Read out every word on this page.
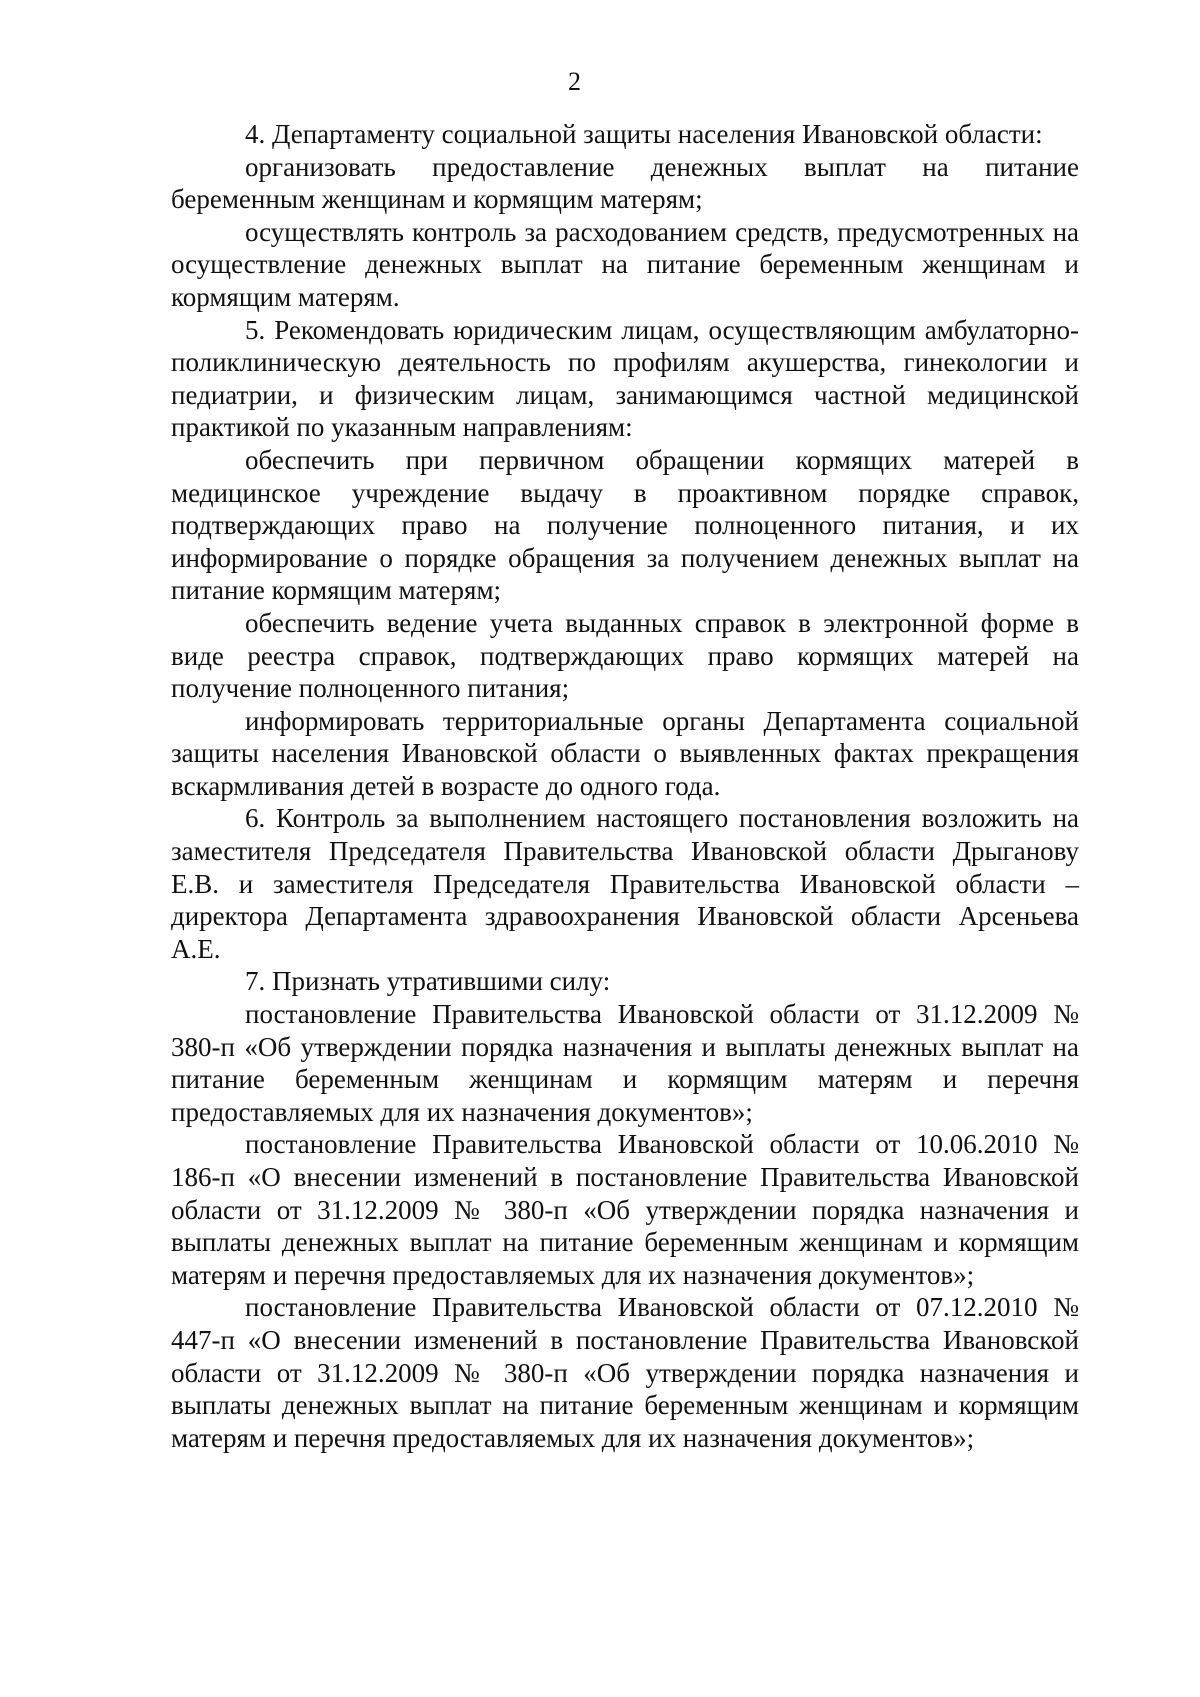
2

4. Департаменту социальной защиты населения Ивановской области:

организовать предоставление денежных выплат на питание беременным женщинам и кормящим матерям;

осуществлять контроль за расходованием средств, предусмотренных на осуществление денежных выплат на питание беременным женщинам и кормящим матерям.

5. Рекомендовать юридическим лицам, осуществляющим амбулаторно-поликлиническую деятельность по профилям акушерства, гинекологии и педиатрии, и физическим лицам, занимающимся частной медицинской практикой по указанным направлениям:

обеспечить при первичном обращении кормящих матерей в медицинское учреждение выдачу в проактивном порядке справок, подтверждающих право на получение полноценного питания, и их информирование о порядке обращения за получением денежных выплат на питание кормящим матерям;

обеспечить ведение учета выданных справок в электронной форме в виде реестра справок, подтверждающих право кормящих матерей на получение полноценного питания;

информировать территориальные органы Департамента социальной защиты населения Ивановской области о выявленных фактах прекращения вскармливания детей в возрасте до одного года.

6. Контроль за выполнением настоящего постановления возложить на заместителя Председателя Правительства Ивановской области Дрыганову Е.В. и заместителя Председателя Правительства Ивановской области – директора Департамента здравоохранения Ивановской области Арсеньева А.Е.

7. Признать утратившими силу:

постановление Правительства Ивановской области от 31.12.2009 № 380-п «Об утверждении порядка назначения и выплаты денежных выплат на питание беременным женщинам и кормящим матерям и перечня предоставляемых для их назначения документов»;

постановление Правительства Ивановской области от 10.06.2010 № 186-п «О внесении изменений в постановление Правительства Ивановской области от 31.12.2009 № 380-п «Об утверждении порядка назначения и выплаты денежных выплат на питание беременным женщинам и кормящим матерям и перечня предоставляемых для их назначения документов»;

постановление Правительства Ивановской области от 07.12.2010 № 447-п «О внесении изменений в постановление Правительства Ивановской области от 31.12.2009 № 380-п «Об утверждении порядка назначения и выплаты денежных выплат на питание беременным женщинам и кормящим матерям и перечня предоставляемых для их назначения документов»;
